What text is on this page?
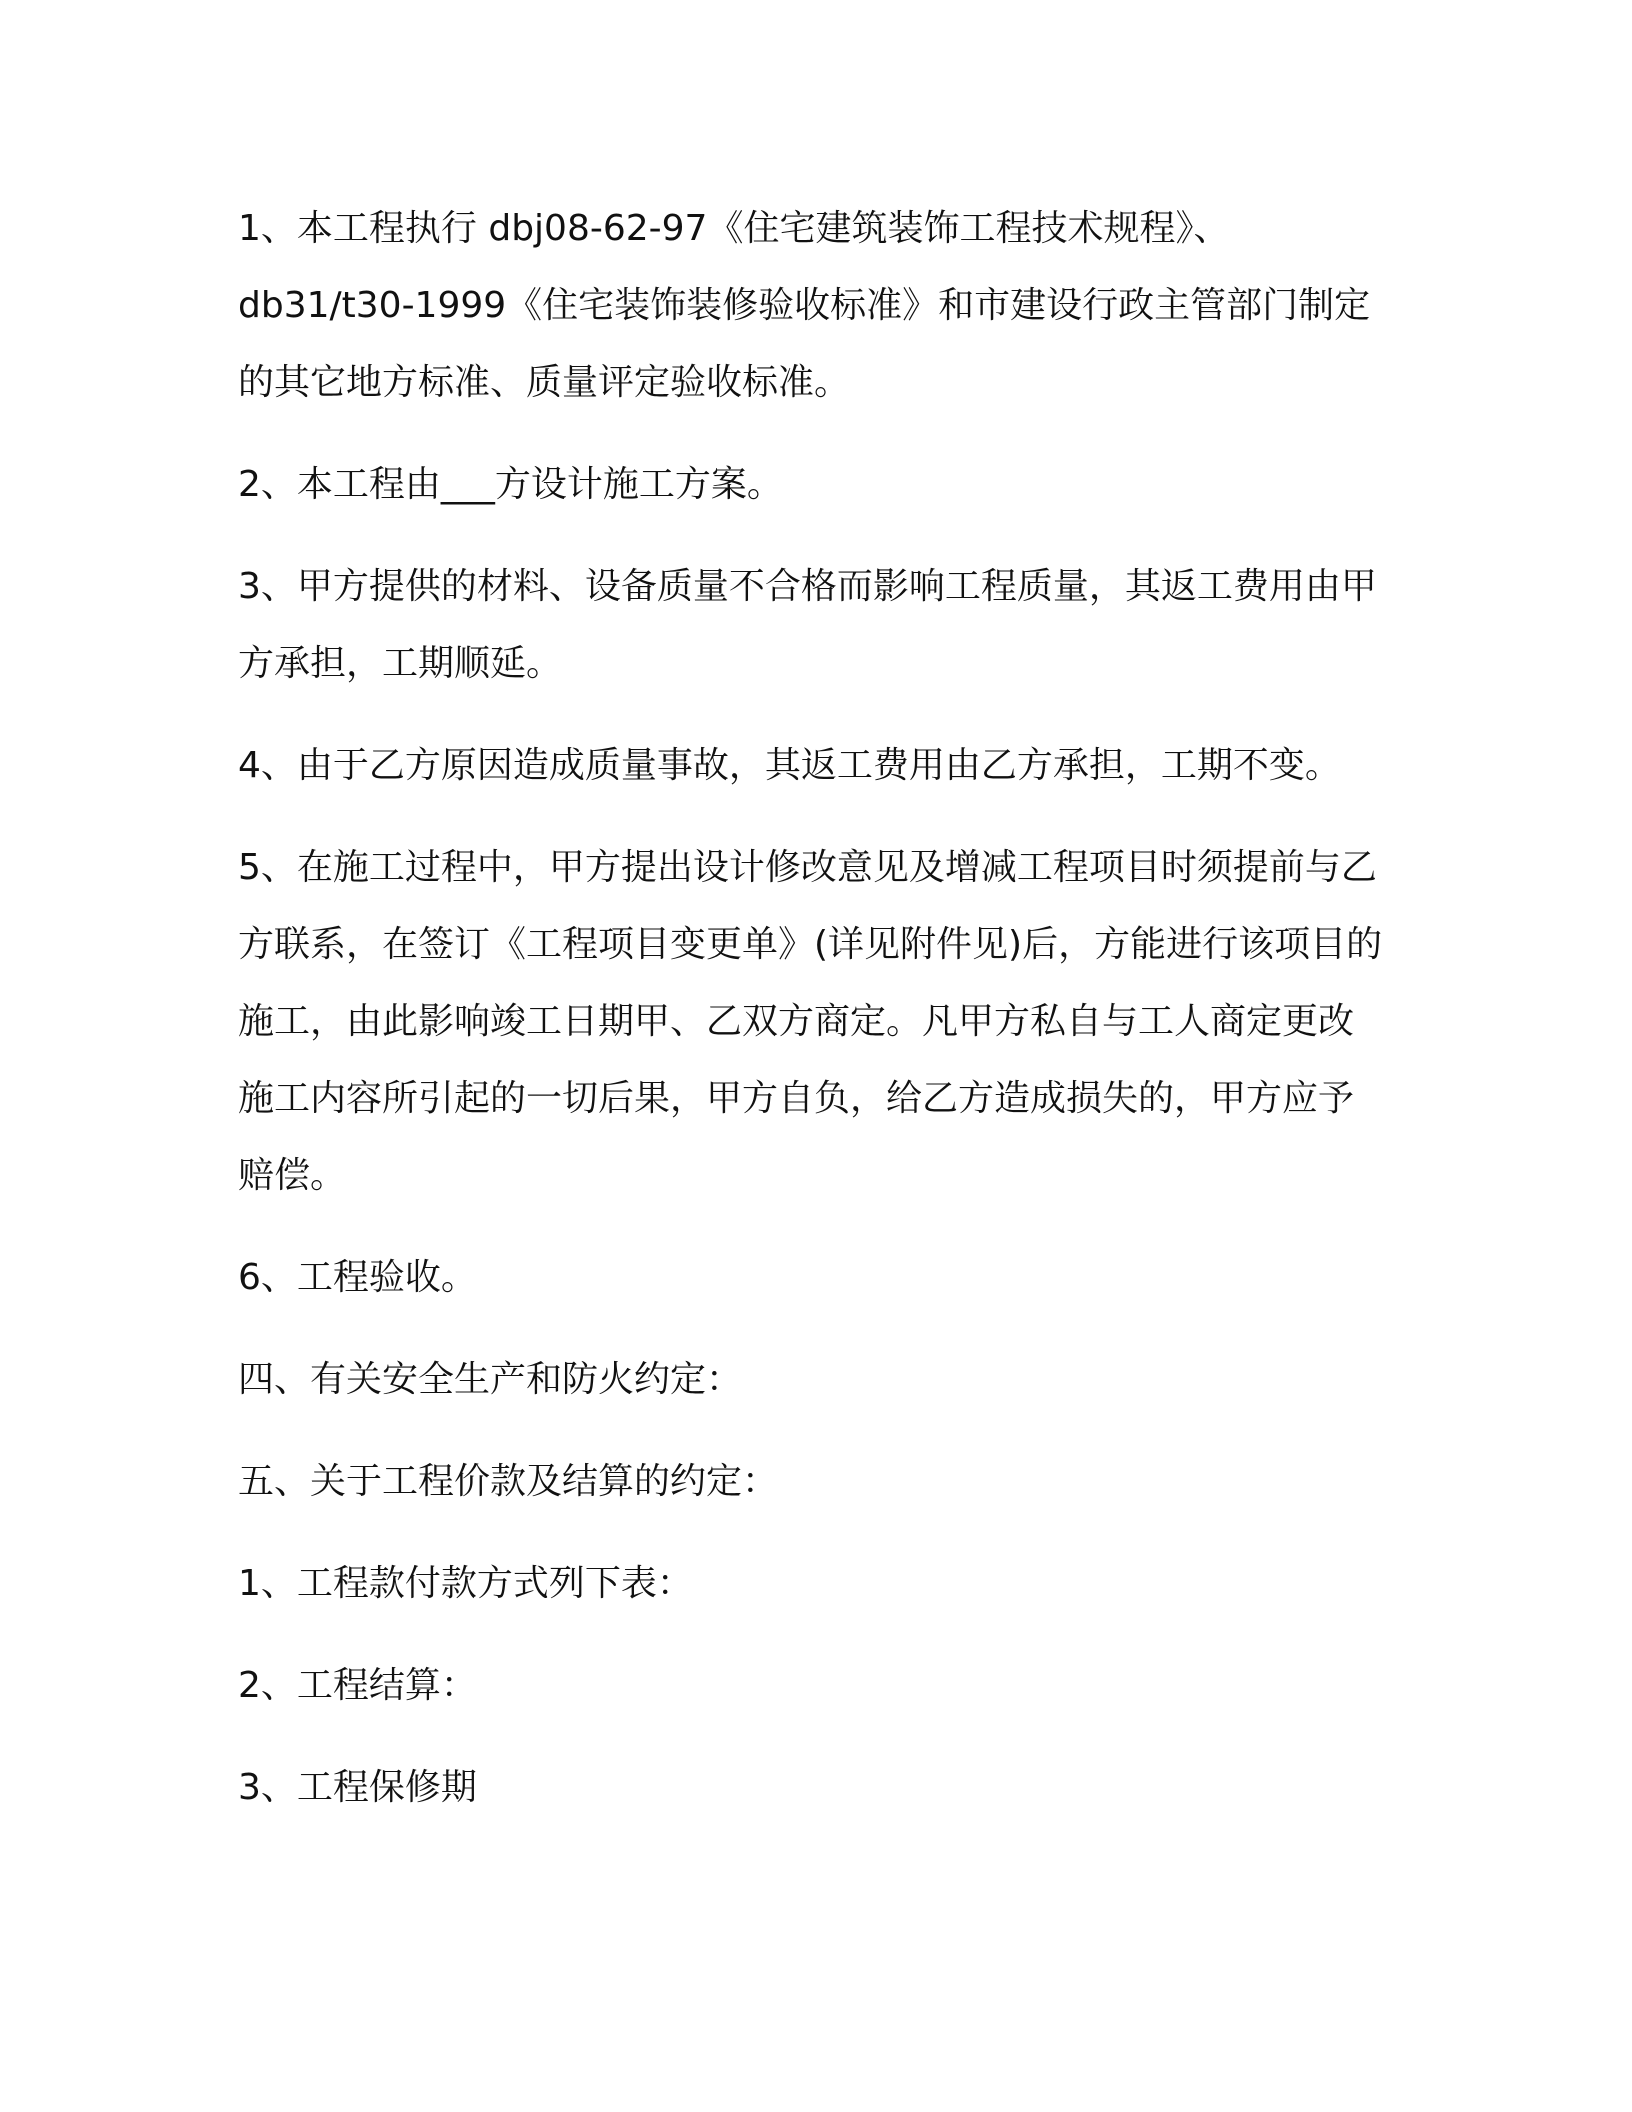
1、本工程执行 dbj08-62-97《住宅建筑装饰工程技术规程》、db31/t30-1999《住宅装饰装修验收标准》和市建设行政主管部门制定的其它地方标准、质量评定验收标准。

2、本工程由___方设计施工方案。

3、甲方提供的材料、设备质量不合格而影响工程质量，其返工费用由甲方承担，工期顺延。

4、由于乙方原因造成质量事故，其返工费用由乙方承担，工期不变。

5、在施工过程中，甲方提出设计修改意见及增减工程项目时须提前与乙方联系，在签订《工程项目变更单》(详见附件见)后，方能进行该项目的施工，由此影响竣工日期甲、乙双方商定。凡甲方私自与工人商定更改施工内容所引起的一切后果，甲方自负，给乙方造成损失的，甲方应予赔偿。

6、工程验收。

四、有关安全生产和防火约定：

五、关于工程价款及结算的约定：

1、工程款付款方式列下表：

2、工程结算：

3、工程保修期
